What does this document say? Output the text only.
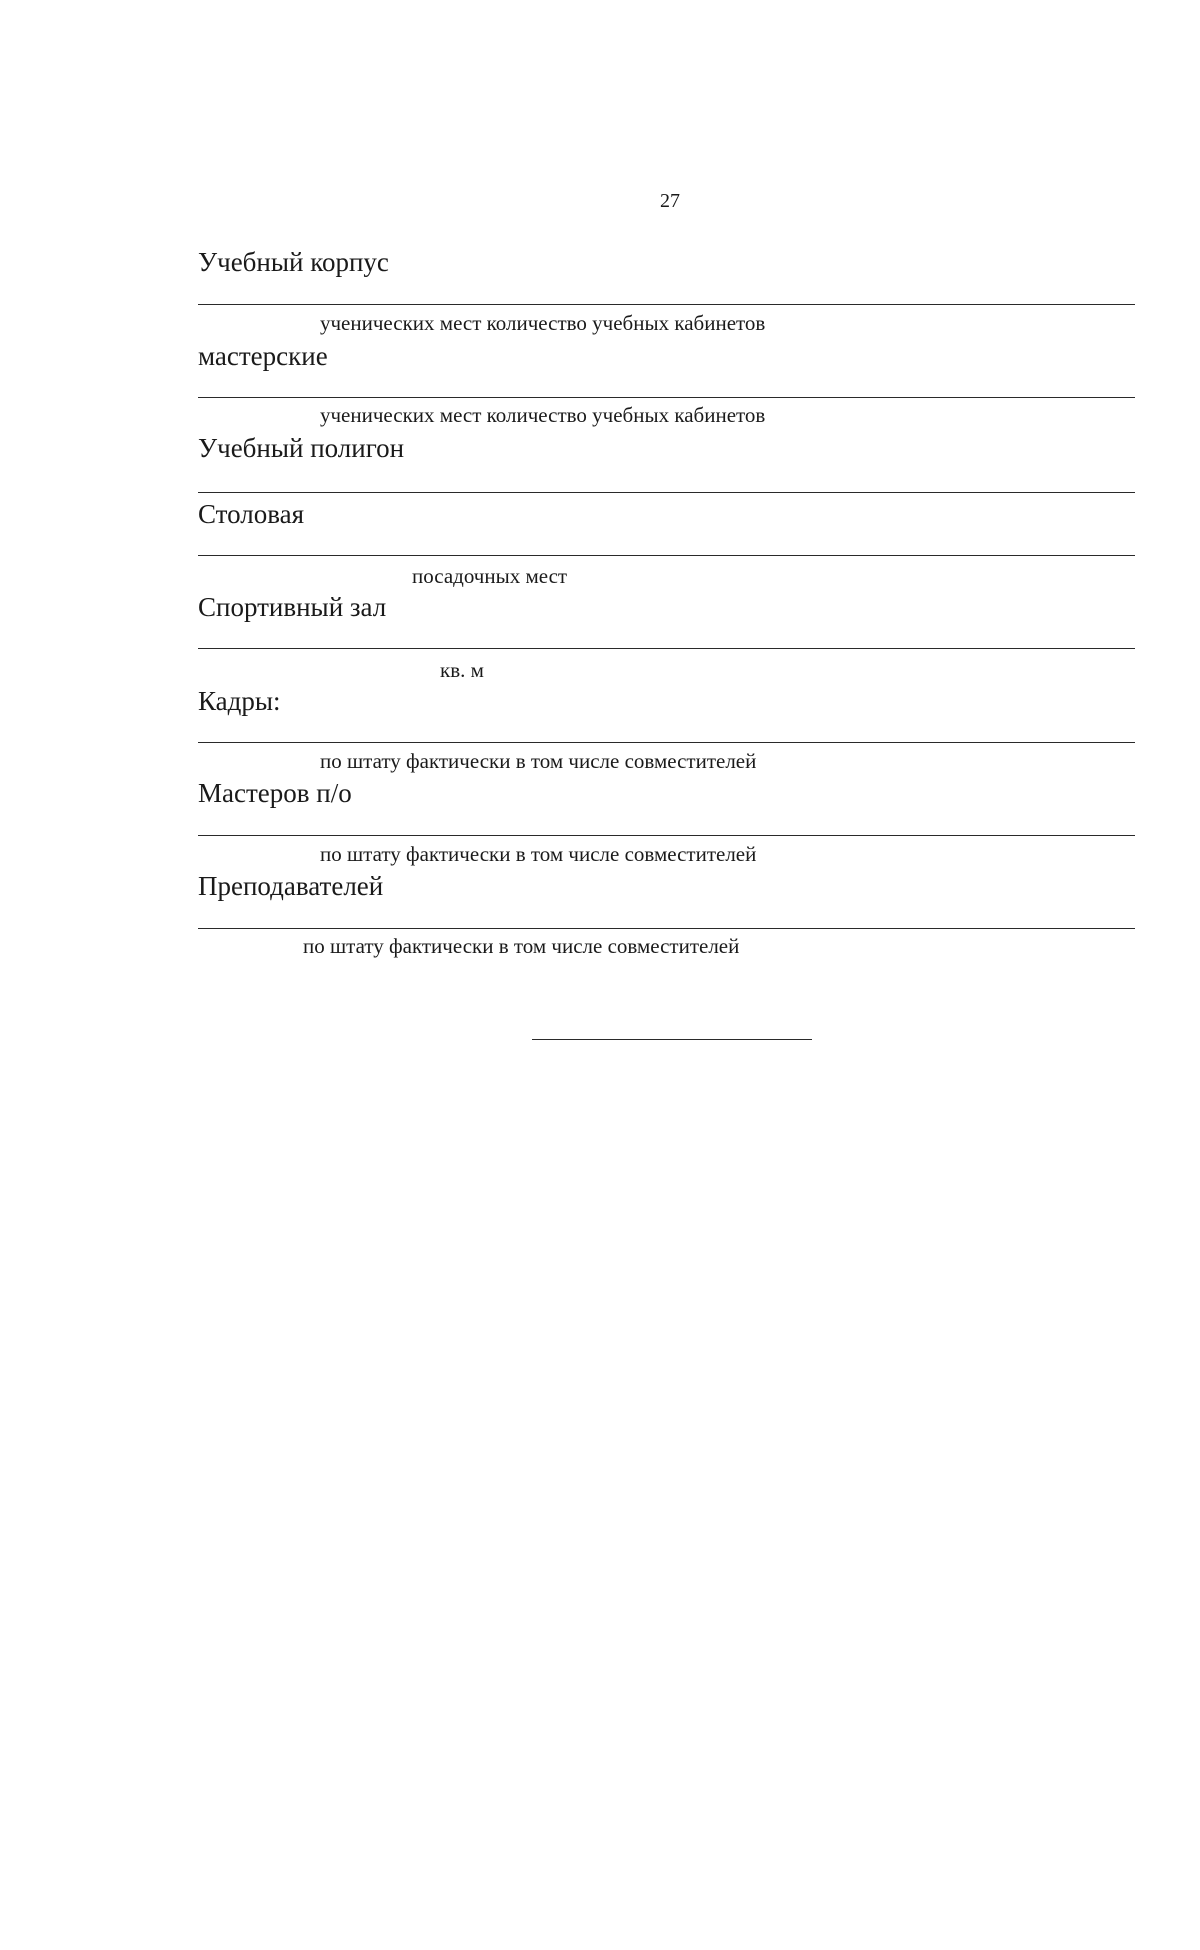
27
Учебный корпус
ученических мест количество учебных кабинетов
мастерские
ученических мест количество учебных кабинетов
Учебный полигон
Столовая
посадочных мест
Спортивный зал
кв. м
Кадры:
по штату фактически в том числе совместителей
Мастеров п/о
по штату фактически в том числе совместителей
Преподавателей
по штату фактически в том числе совместителей
